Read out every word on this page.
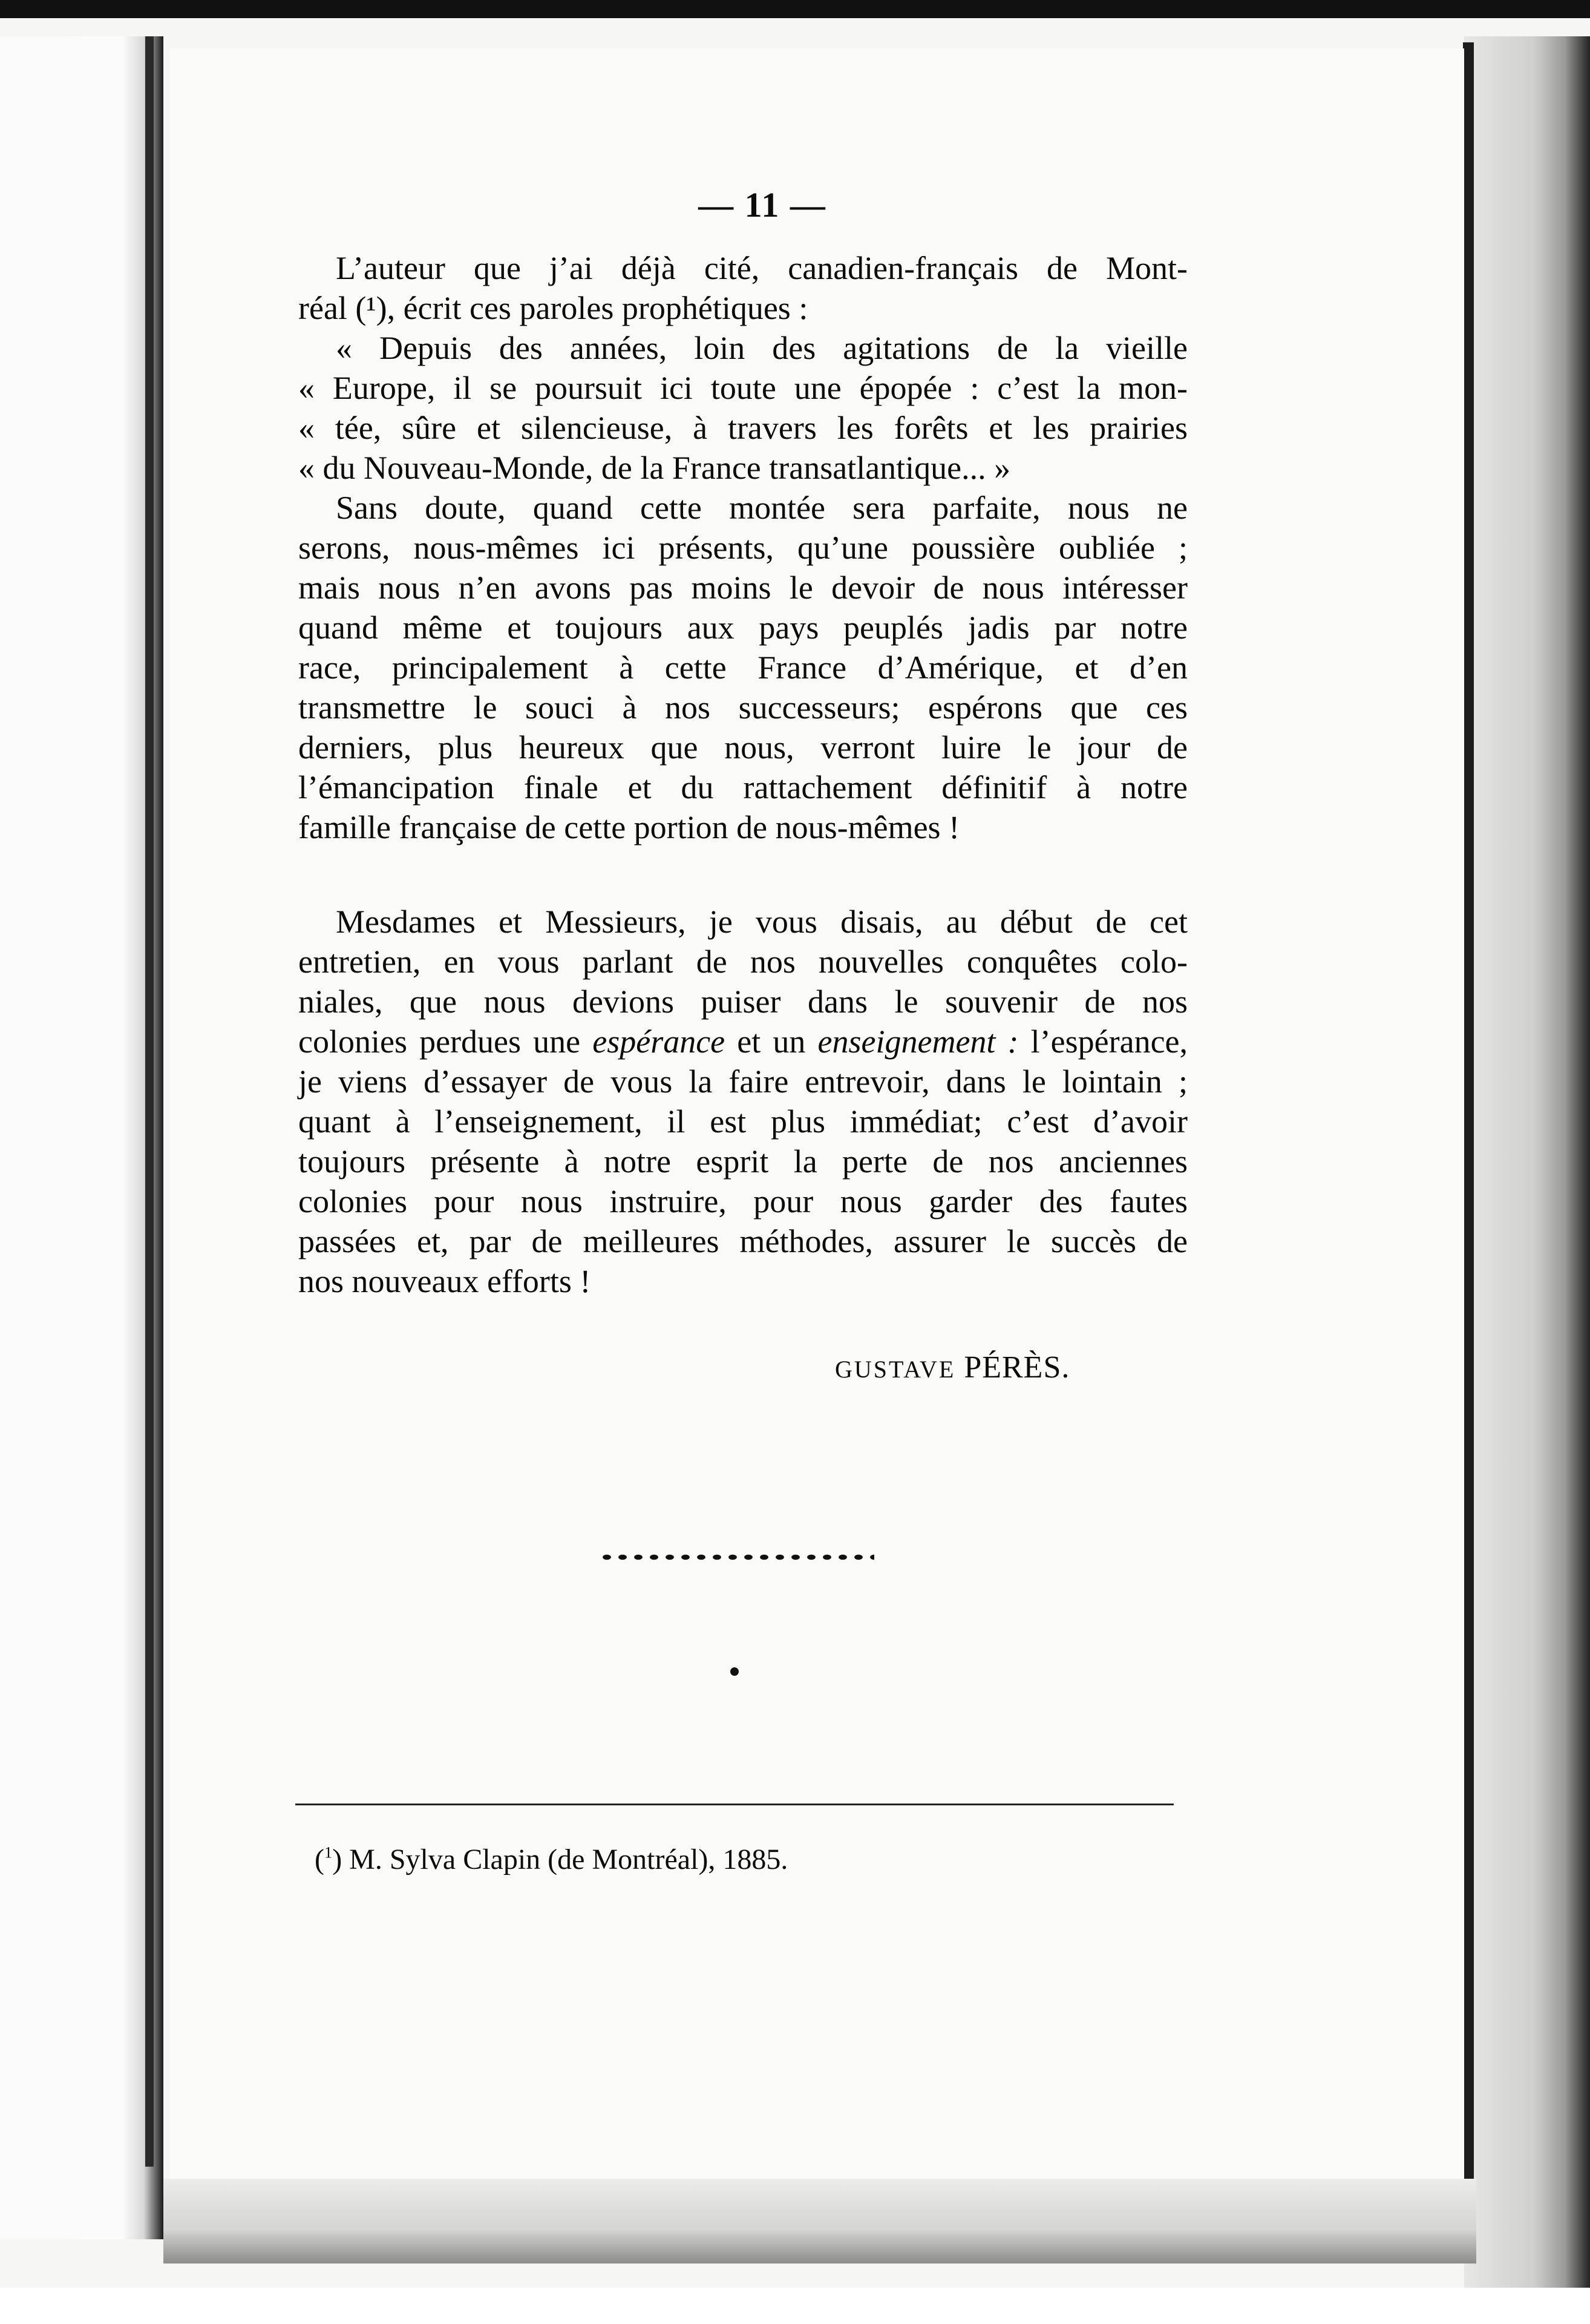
— 11 —
L’auteur que j’ai déjà cité, canadien-français de Mont-
réal (¹), écrit ces paroles prophétiques :
« Depuis des années, loin des agitations de la vieille
« Europe, il se poursuit ici toute une épopée : c’est la mon-
« tée, sûre et silencieuse, à travers les forêts et les prairies
« du Nouveau-Monde, de la France transatlantique... »
Sans doute, quand cette montée sera parfaite, nous ne
serons, nous-mêmes ici présents, qu’une poussière oubliée ;
mais nous n’en avons pas moins le devoir de nous intéresser
quand même et toujours aux pays peuplés jadis par notre
race, principalement à cette France d’Amérique, et d’en
transmettre le souci à nos successeurs; espérons que ces
derniers, plus heureux que nous, verront luire le jour de
l’émancipation finale et du rattachement définitif à notre
famille française de cette portion de nous-mêmes !
Mesdames et Messieurs, je vous disais, au début de cet
entretien, en vous parlant de nos nouvelles conquêtes colo-
niales, que nous devions puiser dans le souvenir de nos
colonies perdues une espérance et un enseignement : l’espérance,
je viens d’essayer de vous la faire entrevoir, dans le lointain ;
quant à l’enseignement, il est plus immédiat; c’est d’avoir
toujours présente à notre esprit la perte de nos anciennes
colonies pour nous instruire, pour nous garder des fautes
passées et, par de meilleures méthodes, assurer le succès de
nos nouveaux efforts !
GUSTAVE PÉRÈS.
($^1$) M. Sylva Clapin (de Montréal), 1885.
